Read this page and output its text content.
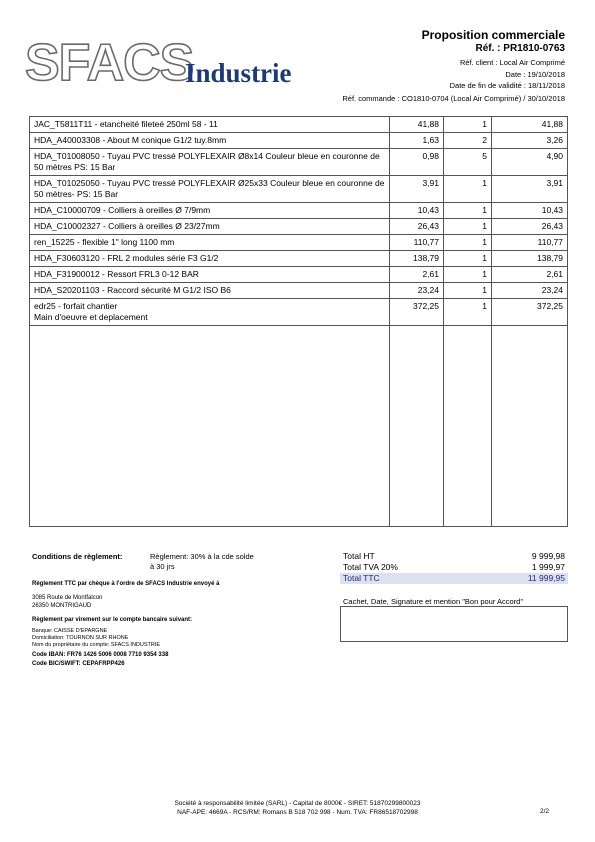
SFACS
Industrie
Proposition commerciale
Réf. : PR1810-0763
Réf. client : Local Air Comprimé
Date : 19/10/2018
Date de fin de validité : 18/11/2018
Réf. commande : CO1810-0704 (Local Air Comprimé) / 30/10/2018
JAC_T5811T11 - etancheité fileteé 250ml 58 - 11	41,88	1	41,88
HDA_A40003308 - About M conique G1/2 tuy.8mm	1,63	2	3,26
HDA_T01008050 - Tuyau PVC tressé POLYFLEXAIR Ø8x14 Couleur bleue en couronne de 50 mètres PS: 15 Bar	0,98	5	4,90
HDA_T01025050 - Tuyau PVC tressé POLYFLEXAIR Ø25x33 Couleur bleue en couronne de 50 mètres- PS: 15 Bar	3,91	1	3,91
HDA_C10000709 - Colliers à oreilles Ø 7/9mm	10,43	1	10,43
HDA_C10002327 - Colliers à oreilles Ø 23/27mm	26,43	1	26,43
ren_15225 - flexible 1" long 1100 mm	110,77	1	110,77
HDA_F30603120 - FRL 2 modules série F3 G1/2	138,79	1	138,79
HDA_F31900012 - Ressort FRL3 0-12 BAR	2,61	1	2,61
HDA_S20201103 - Raccord sécurité M G1/2 ISO B6	23,24	1	23,24
edr25 - forfait chantier
Main d'oeuvre et deplacement	372,25	1	372,25

Conditions de règlement:	Règlement: 30% à la cde solde à 30 jrs
Règlement TTC par chèque à l'ordre de SFACS Industrie envoyé à
3085 Route de Montfalcon
26350 MONTRIGAUD
Règlement par virement sur le compte bancaire suivant:
Banque: CAISSE D'EPARGNE
Domiciliation: TOURNON SUR RHONE
Nom du propriétaire du compte: SFACS INDUSTRIE
Code IBAN: FR76 1426 5006 0008 7710 9354 338
Code BIC/SWIFT: CEPAFRPP426
Total HT	9 999,98
Total TVA 20%	1 999,97
Total TTC	11 999,95
Cachet, Date, Signature et mention "Bon pour Accord"
Société à responsabilité limitée (SARL) - Capital de 8000€ - SIRET: 51870299800023
NAF-APE: 4669A - RCS/RM: Romans B 518 702 998 - Num. TVA: FR86518702998	2/2
